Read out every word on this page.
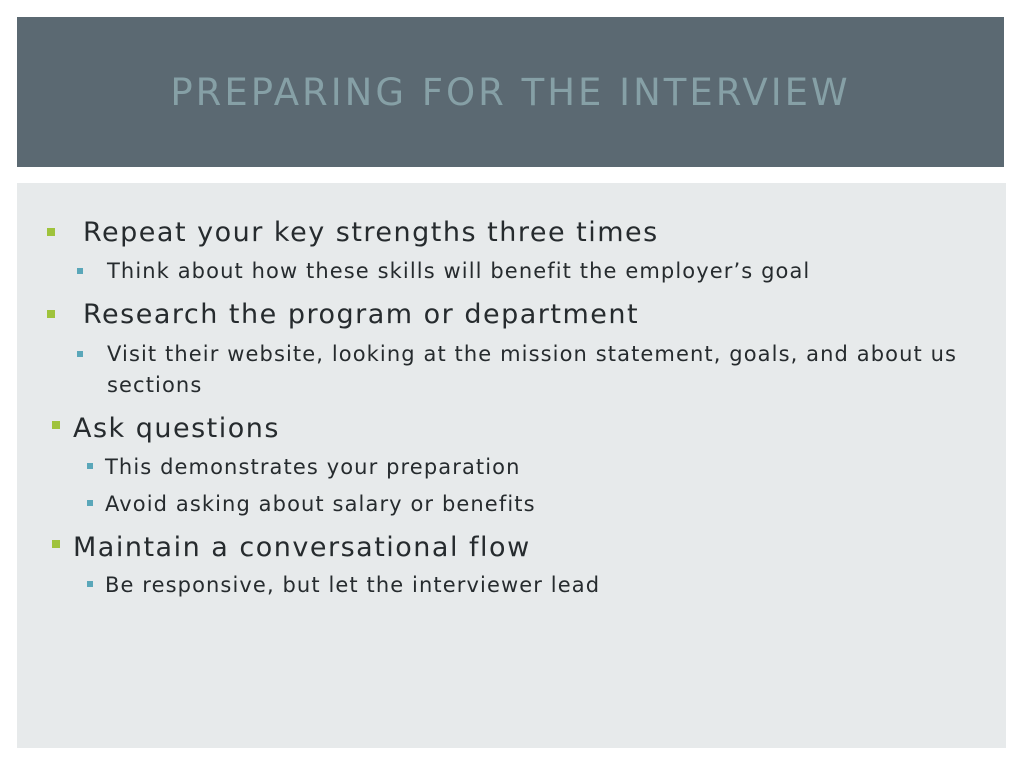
PREPARING FOR THE INTERVIEW
Repeat your key strengths three times
Think about how these skills will benefit the employer’s goal
Research the program or department
Visit their website, looking at the mission statement, goals, and about us sections
Ask questions
This demonstrates your preparation
Avoid asking about salary or benefits
Maintain a conversational flow
Be responsive, but let the interviewer lead
